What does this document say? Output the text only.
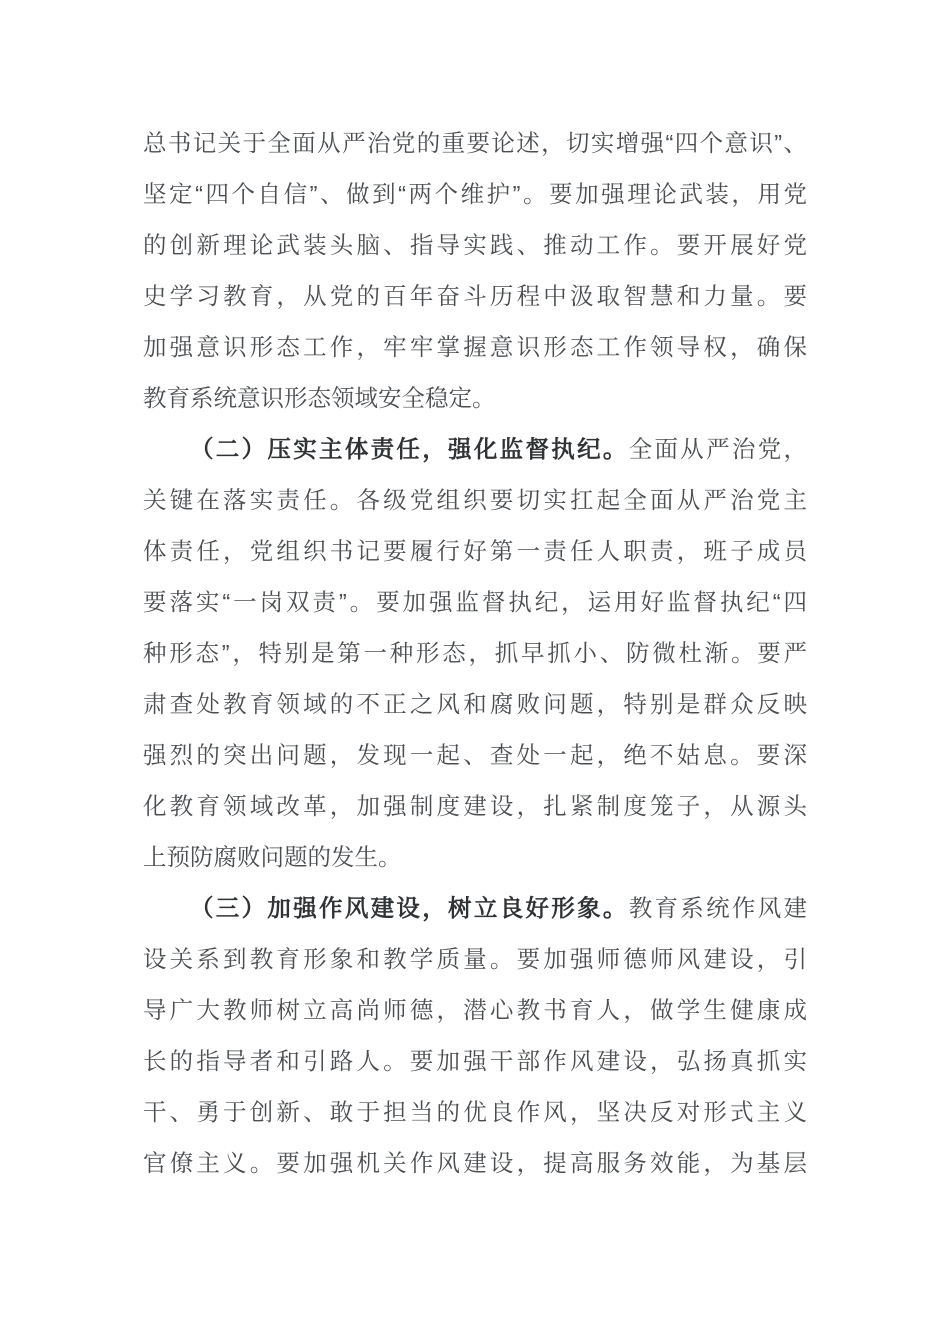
总书记关于全面从严治党的重要论述，切实增强“四个意识”、
坚定“四个自信”、做到“两个维护”。要加强理论武装，用党
的创新理论武装头脑、指导实践、推动工作。要开展好党
史学习教育，从党的百年奋斗历程中汲取智慧和力量。要
加强意识形态工作，牢牢掌握意识形态工作领导权，确保
教育系统意识形态领域安全稳定。
（二）压实主体责任，强化监督执纪。全面从严治党，
关键在落实责任。各级党组织要切实扛起全面从严治党主
体责任，党组织书记要履行好第一责任人职责，班子成员
要落实“一岗双责”。要加强监督执纪，运用好监督执纪“四
种形态”，特别是第一种形态，抓早抓小、防微杜渐。要严
肃查处教育领域的不正之风和腐败问题，特别是群众反映
强烈的突出问题，发现一起、查处一起，绝不姑息。要深
化教育领域改革，加强制度建设，扎紧制度笼子，从源头
上预防腐败问题的发生。
（三）加强作风建设，树立良好形象。教育系统作风建
设关系到教育形象和教学质量。要加强师德师风建设，引
导广大教师树立高尚师德，潜心教书育人，做学生健康成
长的指导者和引路人。要加强干部作风建设，弘扬真抓实
干、勇于创新、敢于担当的优良作风，坚决反对形式主义
官僚主义。要加强机关作风建设，提高服务效能，为基层
